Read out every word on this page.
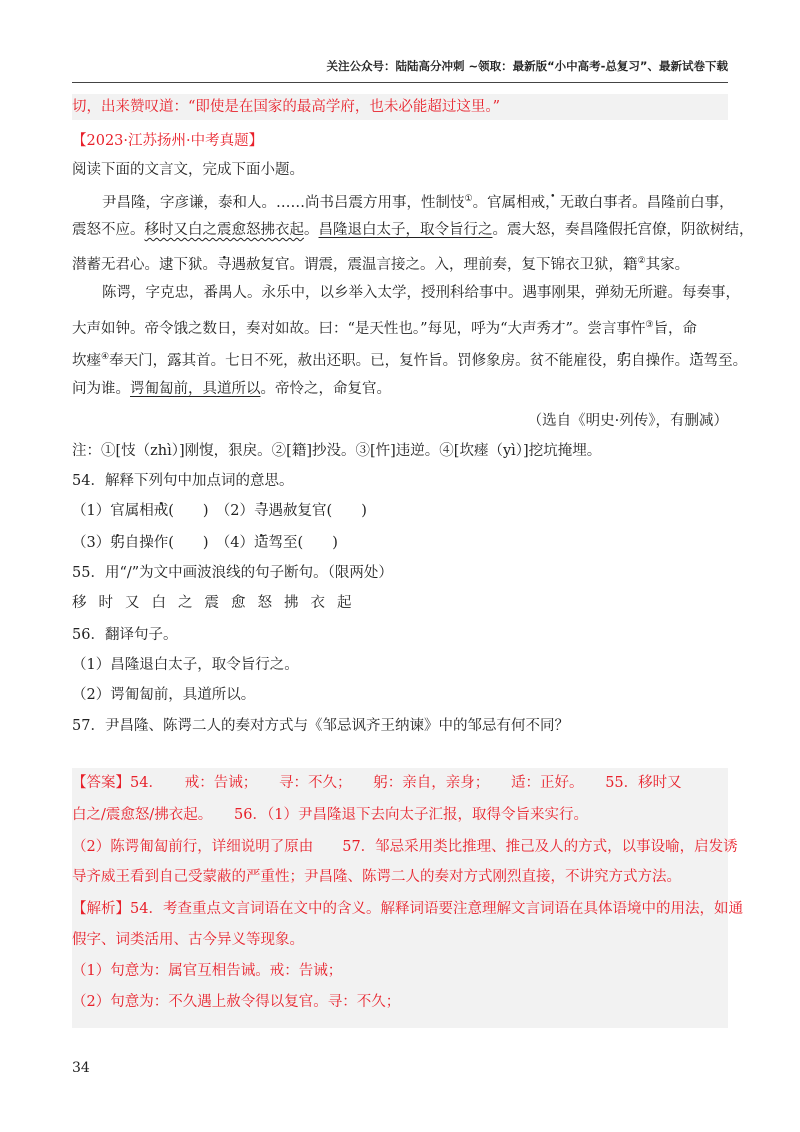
关注公众号：陆陆高分冲刺 ~领取：最新版“小中高考-总复习”、最新试卷下载
切，出来赞叹道：“即使是在国家的最高学府，也未必能超过这里。”
【2023·江苏扬州·中考真题】
阅读下面的文言文，完成下面小题。
尹昌隆，字彦谦，泰和人。……尚书吕震方用事，性制忮①。官属相戒，无敢白事者。昌隆前白事，
震怒不应。移时又白之震愈怒拂衣起。昌隆退白太子，取令旨行之。震大怒，奏昌隆假托宫僚，阴欲树结，
潜蓄无君心。逮下狱。寻遇赦复官。谓震，震温言接之。入，理前奏，复下锦衣卫狱，籍②其家。
陈谔，字克忠，番禺人。永乐中，以乡举入太学，授刑科给事中。遇事刚果，弹劾无所避。每奏事，
大声如钟。帝令饿之数日，奏对如故。曰：“是天性也。”每见，呼为“大声秀才”。尝言事忤③旨，命
坎瘗④奉天门，露其首。七日不死，赦出还职。已，复忤旨。罚修象房。贫不能雇役，躬自操作。适驾至。
问为谁。谔匍匐前，具道所以。帝怜之，命复官。
（选自《明史·列传》，有删减）
注：①[忮（zhì）]刚愎，狠戾。②[籍]抄没。③[忤]违逆。④[坎瘗（yì）]挖坑掩埋。
54．解释下列句中加点词的意思。
（1）官属相戒(　　)　（2）寻遇赦复官(　　)
（3）躬自操作(　　)　（4）适驾至(　　)
55．用“/”为文中画波浪线的句子断句。（限两处）
移时又白之震愈怒拂衣起
56．翻译句子。
（1）昌隆退白太子，取令旨行之。
（2）谔匍匐前，具道所以。
57．尹昌隆、陈谔二人的奏对方式与《邹忌讽齐王纳谏》中的邹忌有何不同？
【答案】54．　　戒：告诫；　　寻：不久；　　躬：亲自，亲身；　　适：正好。　　55．移时又
白之/震愈怒/拂衣起。　　56．（1）尹昌隆退下去向太子汇报，取得令旨来实行。
（2）陈谔匍匐前行，详细说明了原由　　57．邹忌采用类比推理、推己及人的方式，以事设喻，启发诱
导齐威王看到自己受蒙蔽的严重性；尹昌隆、陈谔二人的奏对方式刚烈直接，不讲究方式方法。
【解析】54．考查重点文言词语在文中的含义。解释词语要注意理解文言词语在具体语境中的用法，如通
假字、词类活用、古今异义等现象。
（1）句意为：属官互相告诫。戒：告诫；
（2）句意为：不久遇上赦令得以复官。寻：不久；
34
